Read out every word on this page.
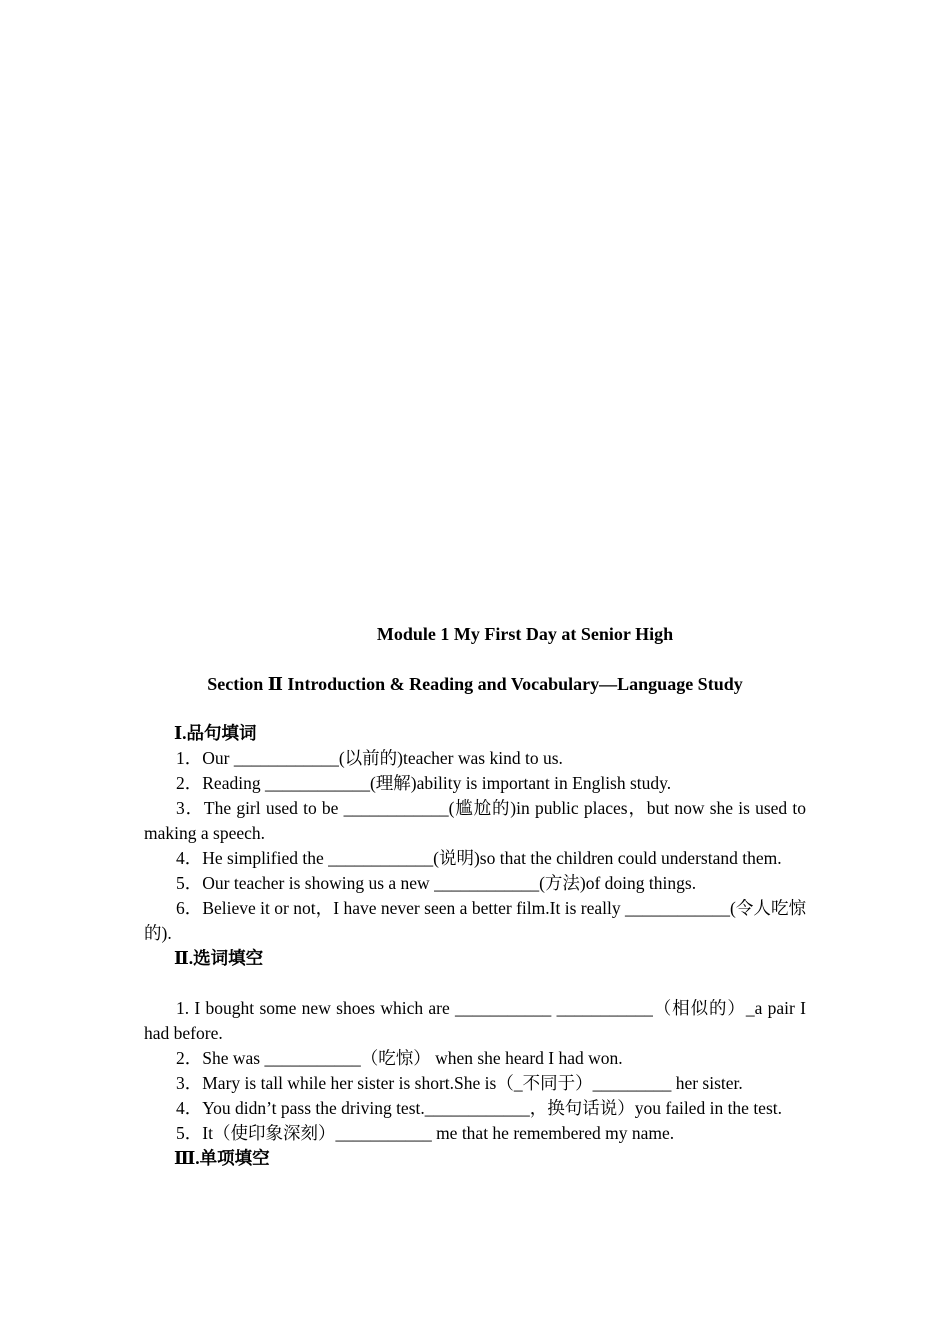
Module 1 My First Day at Senior High

Section Ⅱ Introduction & Reading and Vocabulary—Language Study

Ⅰ.品句填词

1．Our ____________(以前的)teacher was kind to us.

2．Reading ____________(理解)ability is important in English study.

3．The girl used to be ____________(尴尬的)in public places，but now she is used to making a speech.

4．He simplified the ____________(说明)so that the children could understand them.

5．Our teacher is showing us a new ____________(方法)of doing things.

6．Believe it or not，I have never seen a better film.It is really ____________(令人吃惊的).

Ⅱ.选词填空

1. I bought some new shoes which are ___________ ___________（相似的）_a pair I had before.

2．She was ___________（吃惊） when she heard I had won.

3．Mary is tall while her sister is short.She is（_不同于）_________ her sister.

4．You didn’t pass the driving test.____________，换句话说）you failed in the test.

5．It（使印象深刻）___________ me that he remembered my name.

Ⅲ.单项填空
